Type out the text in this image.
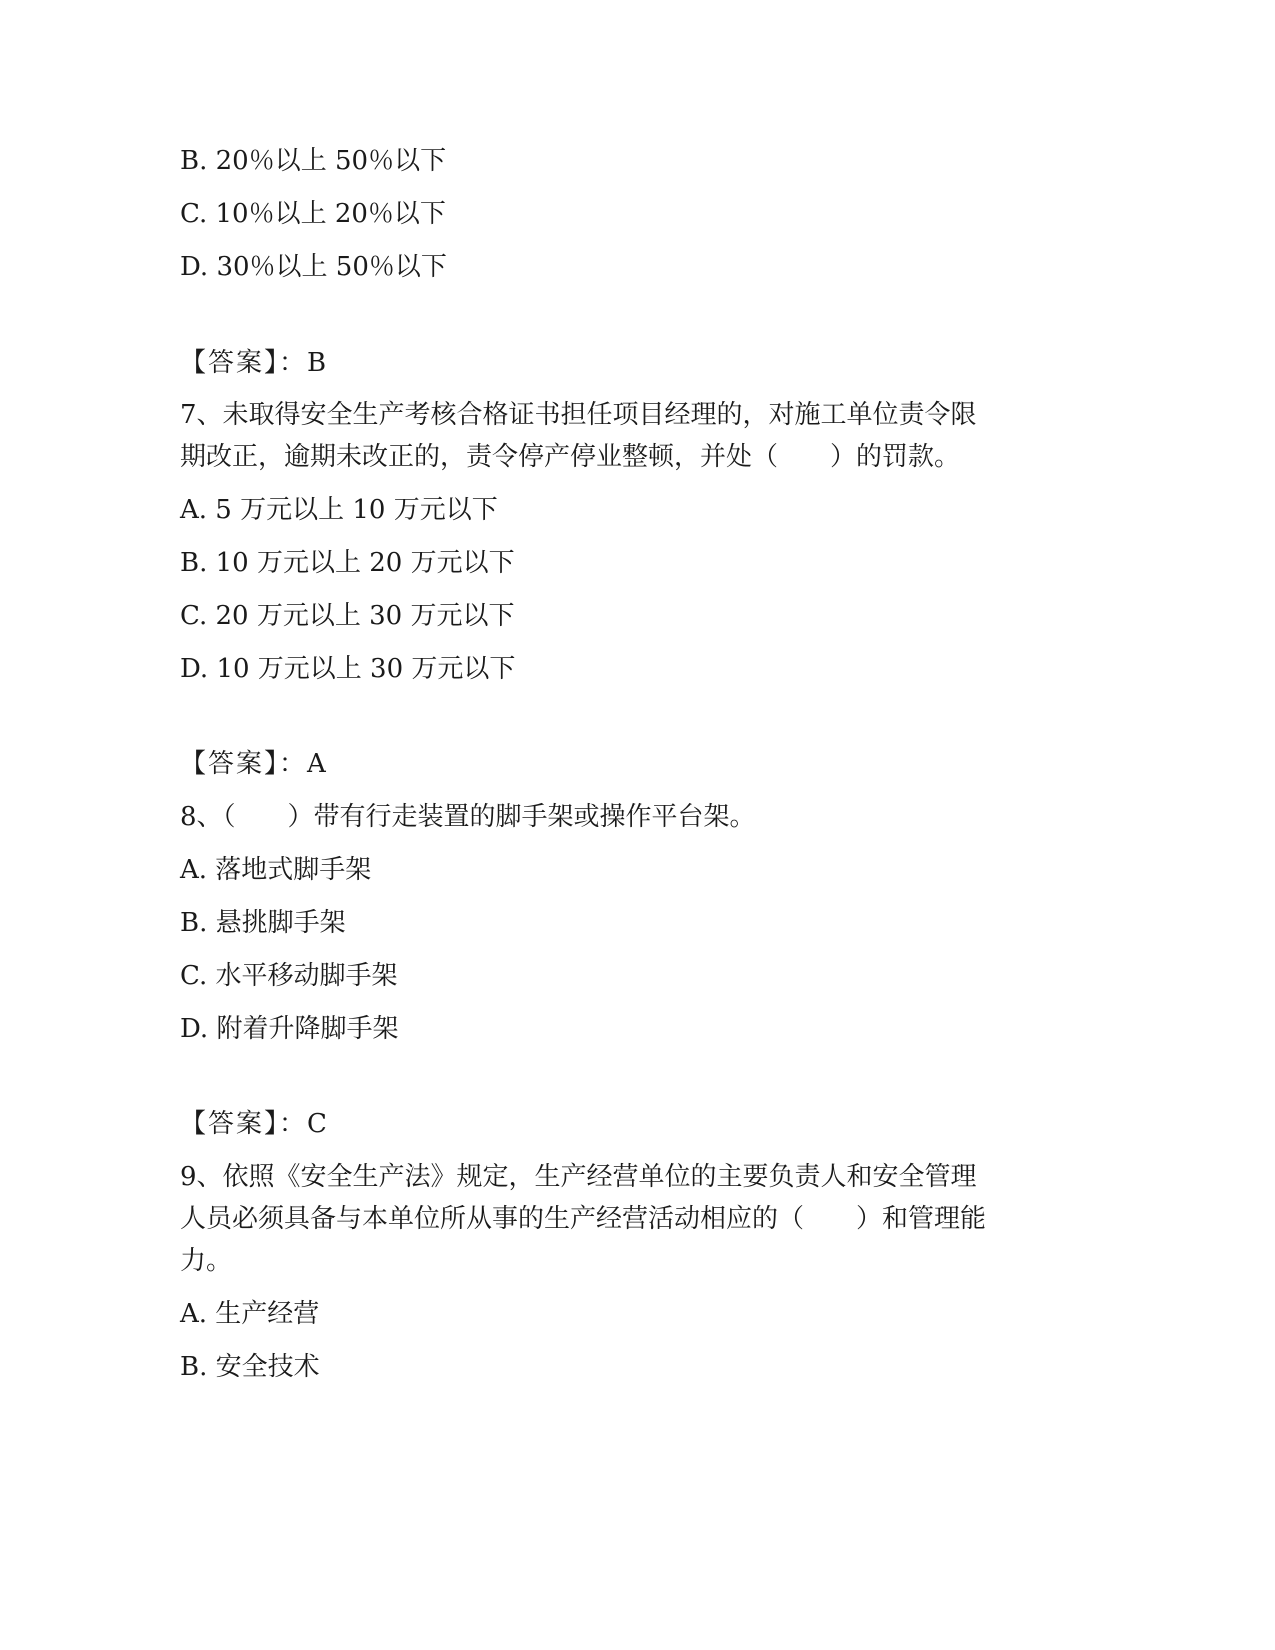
B. 20％以上 50％以下
C. 10％以上 20％以下
D. 30％以上 50％以下
【答案】：B
7、未取得安全生产考核合格证书担任项目经理的，对施工单位责令限
期改正，逾期未改正的，责令停产停业整顿，并处（　　）的罚款。
A. 5 万元以上 10 万元以下
B. 10 万元以上 20 万元以下
C. 20 万元以上 30 万元以下
D. 10 万元以上 30 万元以下
【答案】：A
8、（　　）带有行走装置的脚手架或操作平台架。
A. 落地式脚手架
B. 悬挑脚手架
C. 水平移动脚手架
D. 附着升降脚手架
【答案】：C
9、依照《安全生产法》规定，生产经营单位的主要负责人和安全管理
人员必须具备与本单位所从事的生产经营活动相应的（　　）和管理能
力。
A. 生产经营
B. 安全技术
